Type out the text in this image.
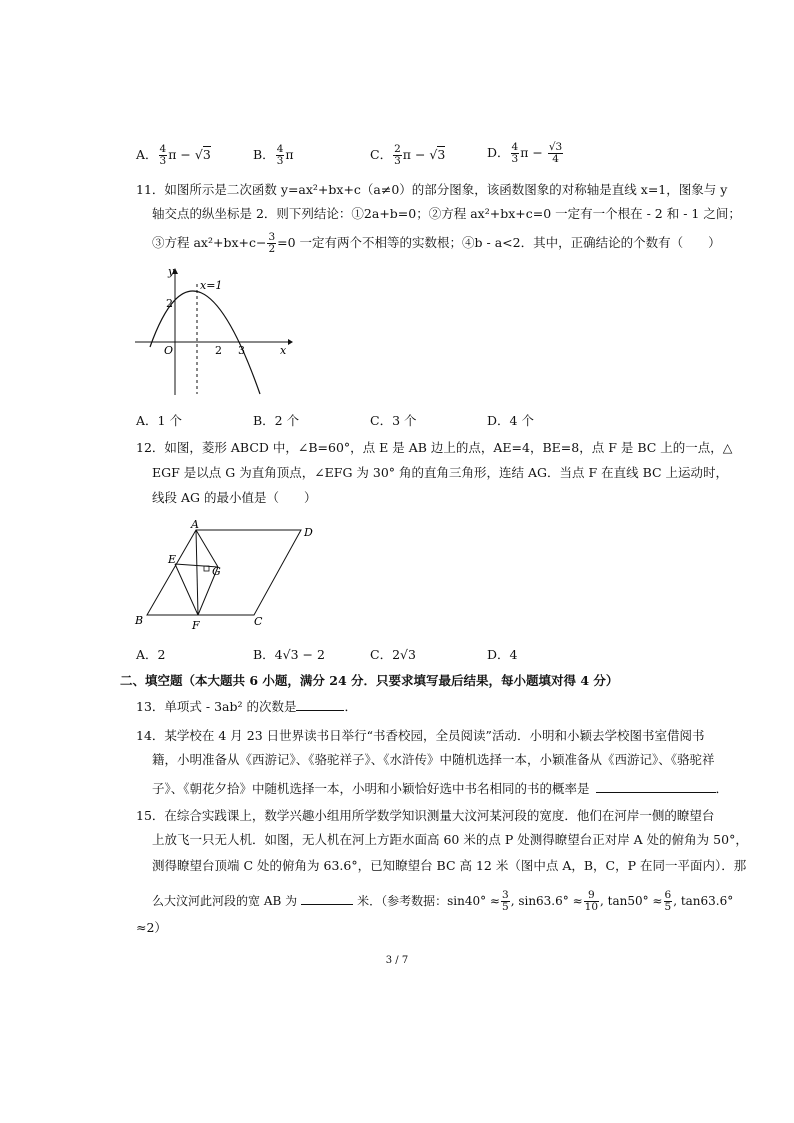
A． $\frac{4}{3}$ π − √3	B． $\frac{4}{3}$ π	C． $\frac{2}{3}$ π − √3	D． $\frac{4}{3}$ $\pi - \frac{√3}{4}$
11．如图所示是二次函数 y=ax²+bx+c（a≠0）的部分图象，该函数图象的对称轴是直线 x=1，图象与 y
轴交点的纵坐标是 2．则下列结论：①2a+b=0；②方程 ax²+bx+c=0 一定有一个根在 - 2 和 - 1 之间；
③方程 $ax^2+bx+c- \frac{3}{2} =0$ 一定有两个不相等的实数根；④b - a<2．其中，正确结论的个数有（　　）
y
x
O
2
x=1
2 3
A．1 个	B．2 个	C．3 个	D．4 个
12．如图，菱形 ABCD 中，∠B=60°，点 E 是 AB 边上的点，AE=4，BE=8，点 F 是 BC 上的一点，△
EGF 是以点 G 为直角顶点，∠EFG 为 30° 角的直角三角形，连结 AG．当点 F 在直线 BC 上运动时，
线段 AG 的最小值是（　　）
A
D
B	C
E
F
G
A．2	B．4√3 − 2	C．2√3	D．4
二、填空题（本大题共 6 小题，满分 24 分．只要求填写最后结果，每小题填对得 4 分）
13．单项式 - 3ab² 的次数是	．
14．某学校在 4 月 23 日世界读书日举行“书香校园，全员阅读”活动．小明和小颖去学校图书室借阅书
籍，小明准备从《西游记》、《骆驼祥子》、《水浒传》中随机选择一本，小颖准备从《西游记》、《骆驼祥
子》、《朝花夕拾》中随机选择一本，小明和小颖恰好选中书名相同的书的概率是	．
15．在综合实践课上，数学兴趣小组用所学数学知识测量大汶河某河段的宽度．他们在河岸一侧的瞭望台
上放飞一只无人机．如图，无人机在河上方距水面高 60 米的点 P 处测得瞭望台正对岸 A 处的俯角为 50°，
测得瞭望台顶端 C 处的俯角为 63.6°，已知瞭望台 BC 高 12 米（图中点 A，B，C，P 在同一平面内）．那
么大汶河此河段的宽 AB 为	米．（参考数据：$\sin 40^\circ \approx \frac{3}{5}$ , $\sin 63.6^\circ \approx \frac{9}{10}$ , $\tan 50^\circ \approx \frac{6}{5}$ , tan63.6°
≈2）
3 / 7
